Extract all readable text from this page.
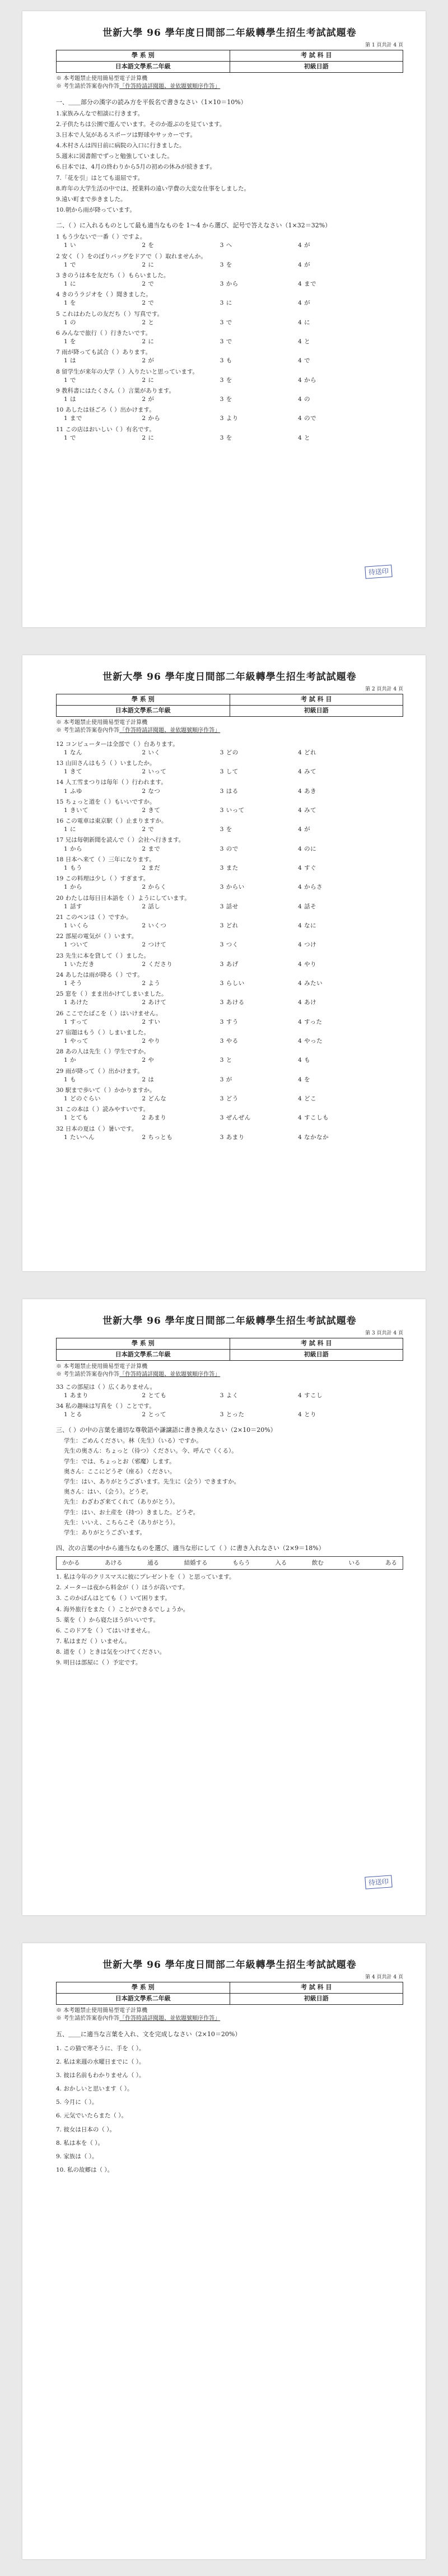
世新大學 96 學年度日間部二年級轉學生招生考試試題卷
第 1 頁共計 4 頁
學 系 別	考 試 科 目
日本語文學系二年級	初級日語
※ 本考題禁止使用簡易型電子計算機
※ 考生請於答案卷內作答「作答時請詳閱題、並依題號順序作答」
一、＿＿部分の漢字の読み方を平仮名で書きなさい（1×10＝10%）
1.家族みんなで相談に行きます。
2.子供たちは公園で遊んでいます。そのか遊ぶのを見ています。
3.日本で人気があるスポーツは野球やサッカーです。
4.木村さんは四日前に病院の入口に行きました。
5.週末に図書館でずっと勉強していました。
6.日本では、4月の終わりから5月の初めの休みが続きます。
7.「花を引」はとても退屈です。
8.昨年の大学生活の中では、授業料の遠い学費の大変な仕事をしました。
9.遠い町まで歩きました。
10.朝から雨が降っています。
二、（ ）に入れるものとして最も適当なものを 1〜4 から選び、記号で答えなさい（1×32＝32%）
1 もう少ないで一番（ ）ですよ。
1 い	2 を	3 へ	4 が
2 安く（ ）をのぼりバッグをドアで（ ）取れませんか。
1 で	2 に	3 を	4 が
3 きのうは本を友だち（ ）もらいました。
1 に	2 で	3 から	4 まで
4 きのうラジオを（ ）聞きました。
1 を	2 で	3 に	4 が
5 これはわたしの友だち（ ）写真です。
1 の	2 と	3 で	4 に
6 みんなで旅行（ ）行きたいです。
1 を	2 に	3 で	4 と
7 雨が降っても試合（ ）あります。
1 は	2 が	3 も	4 で
8 留学生が来年の大学（ ）入りたいと思っています。
1 で	2 に	3 を	4 から
9 教科書にはたくさん（ ）言葉があります。
1 は	2 が	3 を	4 の
10 あしたは昼ごろ（ ）出かけます。
1 まで	2 から	3 より	4 ので
11 この店はおいしい（ ）有名です。
1 で	2 に	3 を	4 と
待送印
世新大學 96 學年度日間部二年級轉學生招生考試試題卷
第 2 頁共計 4 頁
學 系 別	考 試 科 目
日本語文學系二年級	初級日語
※ 本考題禁止使用簡易型電子計算機
※ 考生請於答案卷內作答「作答時請詳閱題、並依題號順序作答」
12 コンピューターは全部で（ ）台あります。
1 なん	2 いく	3 どの	4 どれ
13 山田さんはもう（ ）いましたか。
1 きて	2 いって	3 して	4 みて
14 人工雪まつりは毎年（ ）行われます。
1 ふゆ	2 なつ	3 はる	4 あき
15 ちょっと道を（ ）もいいですか。
1 きいて	2 きて	3 いって	4 みて
16 この電車は東京駅（ ）止まりますか。
1 に	2 で	3 を	4 が
17 兄は毎朝新聞を読んで（ ）会社へ行きます。
1 から	2 まで	3 ので	4 のに
18 日本へ来て（ ）三年になります。
1 もう	2 まだ	3 また	4 すぐ
19 この料理は少し（ ）すぎます。
1 から	2 からく	3 からい	4 からさ
20 わたしは毎日日本語を（ ）ようにしています。
1 話す	2 話し	3 話せ	4 話そ
21 このペンは（ ）ですか。
1 いくら	2 いくつ	3 どれ	4 なに
22 部屋の電気が（ ）います。
1 ついて	2 つけて	3 つく	4 つけ
23 先生に本を貸して（ ）ました。
1 いただき	2 くださり	3 あげ	4 やり
24 あしたは雨が降る（ ）です。
1 そう	2 よう	3 らしい	4 みたい
25 窓を（ ）まま出かけてしまいました。
1 あけた	2 あけて	3 あける	4 あけ
26 ここでたばこを（ ）はいけません。
1 すって	2 すい	3 すう	4 すった
27 宿題はもう（ ）しまいました。
1 やって	2 やり	3 やる	4 やった
28 あの人は先生（ ）学生ですか。
1 か	2 や	3 と	4 も
29 雨が降って（ ）出かけます。
1 も	2 は	3 が	4 を
30 駅まで歩いて（ ）かかりますか。
1 どのぐらい	2 どんな	3 どう	4 どこ
31 この本は（ ）読みやすいです。
1 とても	2 あまり	3 ぜんぜん	4 すこしも
32 日本の夏は（ ）暑いです。
1 たいへん	2 ちっとも	3 あまり	4 なかなか
世新大學 96 學年度日間部二年級轉學生招生考試試題卷
第 3 頁共計 4 頁
學 系 別	考 試 科 目
日本語文學系二年級	初級日語
※ 本考題禁止使用簡易型電子計算機
※ 考生請於答案卷內作答「作答時請詳閱題、並依題號順序作答」
33 この部屋は（ ）広くありません。
1 あまり	2 とても	3 よく	4 すこし
34 私の趣味は写真を（ ）ことです。
1 とる	2 とって	3 とった	4 とり
三、（ ）の中の言葉を適切な尊敬語や謙譲語に書き換えなさい（2×10＝20%）
学生：ごめんください。林（先生）（いる）ですか。
先生の奥さん：ちょっと（待つ）ください。今、呼んで（くる）。
学生：では、ちょっとお（邪魔）します。
奥さん：ここにどうぞ（座る）ください。
学生：はい、ありがとうございます。先生に（会う）できますか。
奥さん：はい、（会う）。どうぞ。
先生：わざわざ来てくれて（ありがとう）。
学生：はい、お土産を（持つ）きました。どうぞ。
先生：いいえ、こちらこそ（ありがとう）。
学生：ありがとうございます。
四、次の言葉の中から適当なものを選び、適当な形にして（ ）に書き入れなさい（2×9＝18%）
かかる	あける	通る	結婚する	もらう	入る	飲む	いる	ある
1. 私は今年のクリスマスに彼にプレゼントを（ ）と思っています。
2. メーターは夜から料金が（ ）ほうが高いです。
3. このかばんはとても（ ）いて困ります。
4. 海外旅行をまた（ ）ことができるでしょうか。
5. 薬を（ ）から寝たほうがいいです。
6. このドアを（ ）てはいけません。
7. 私はまだ（ ）いません。
8. 道を（ ）ときは気をつけてください。
9. 明日は部屋に（ ）予定です。
待送印
世新大學 96 學年度日間部二年級轉學生招生考試試題卷
第 4 頁共計 4 頁
學 系 別	考 試 科 目
日本語文學系二年級	初級日語
※ 本考題禁止使用簡易型電子計算機
※ 考生請於答案卷內作答「作答時請詳閱題、並依題號順序作答」
五、＿＿に適当な言葉を入れ、文を完成しなさい（2×10＝20%）
1. この猫で寒そうに、手を（ ）。
2. 私は来週の水曜日までに（ ）。
3. 彼は名前もわかりません（ ）。
4. おかしいと思います（ ）。
5. 今月に（ ）。
6. 元気でいたらまた（ ）。
7. 彼女は日本の（ ）。
8. 私は本を（ ）。
9. 家族は（ ）。
10. 私の故郷は（ ）。
